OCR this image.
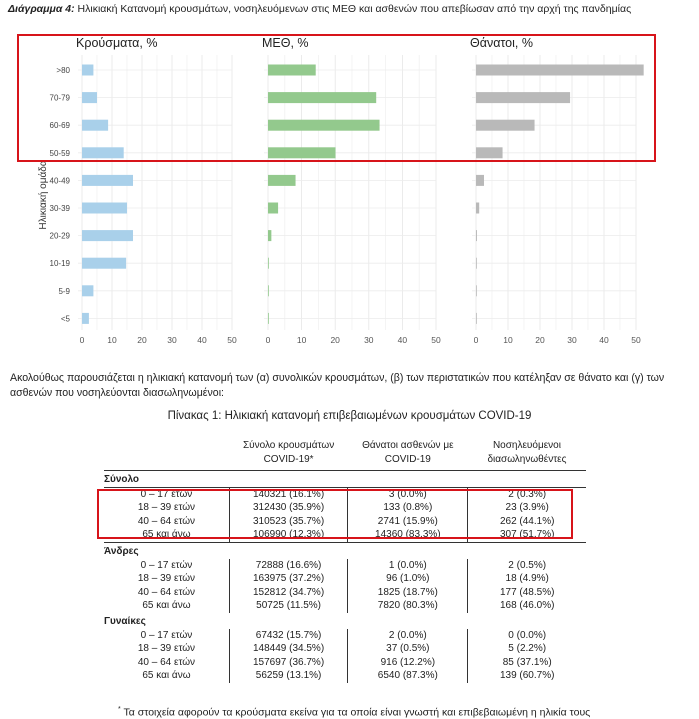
Διάγραμμα 4: Ηλικιακή Κατανομή κρουσμάτων, νοσηλευόμενων στις ΜΕΘ και ασθενών που απεβίωσαν από την αρχή της πανδημίας
Ηλικιακή ομάδα
Κρούσματα, %
0	10 20 30 40 50
ΜΕΘ, %
0	10	20	30	40	50
Θάνατοι, %
0	10	20	30	40	50
>80
70-79
60-69
50-59
40-49
30-39
20-29
10-19
5-9
<5
Ακολούθως παρουσιάζεται η ηλικιακή κατανομή των (α) συνολικών κρουσμάτων, (β) των περιστατικών που κατέληξαν σε θάνατο και (γ) των ασθενών που νοσηλεύονται διασωληνωμένοι:
Πίνακας 1: Ηλικιακή κατανομή επιβεβαιωμένων κρουσμάτων COVID-19
	Σύνολο κρουσμάτων COVID-19*	Θάνατοι ασθενών με COVID-19	Νοσηλευόμενοι διασωληνωθέντες
Σύνολο			
0 – 17 ετών	140321 (16.1%)	3 (0.0%)	2 (0.3%)
18 – 39 ετών	312430 (35.9%)	133 (0.8%)	23 (3.9%)
40 – 64 ετών	310523 (35.7%)	2741 (15.9%)	262 (44.1%)
65 και άνω	106990 (12.3%)	14360 (83.3%)	307 (51.7%)
Άνδρες			
0 – 17 ετών	72888 (16.6%)	1 (0.0%)	2 (0.5%)
18 – 39 ετών	163975 (37.2%)	96 (1.0%)	18 (4.9%)
40 – 64 ετών	152812 (34.7%)	1825 (18.7%)	177 (48.5%)
65 και άνω	50725 (11.5%)	7820 (80.3%)	168 (46.0%)
Γυναίκες			
0 – 17 ετών	67432 (15.7%)	2 (0.0%)	0 (0.0%)
18 – 39 ετών	148449 (34.5%)	37 (0.5%)	5 (2.2%)
40 – 64 ετών	157697 (36.7%)	916 (12.2%)	85 (37.1%)
65 και άνω	56259 (13.1%)	6540 (87.3%)	139 (60.7%)
* Τα στοιχεία αφορούν τα κρούσματα εκείνα για τα οποία είναι γνωστή και επιβεβαιωμένη η ηλικία τους
